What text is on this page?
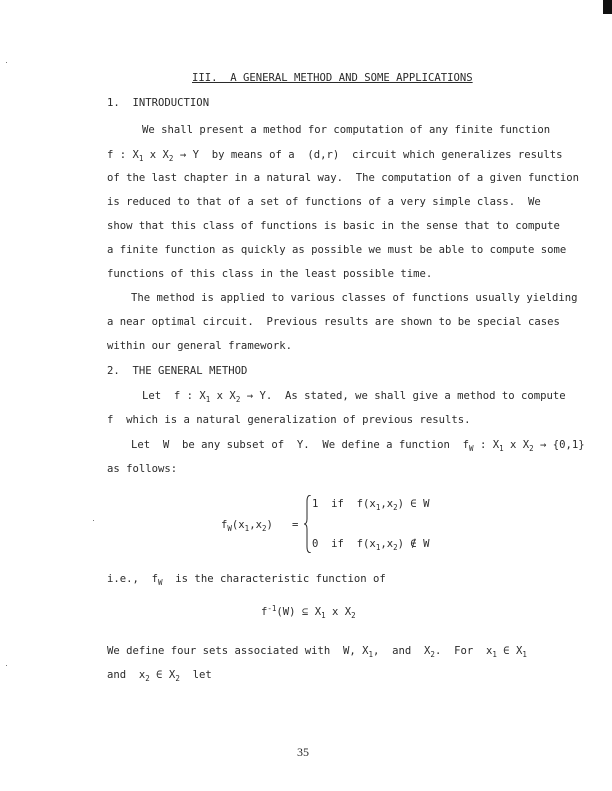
III.  A GENERAL METHOD AND SOME APPLICATIONS
1. INTRODUCTION
We shall present a method for computation of any finite function
f : $X_1$ x $X_2 \to Y$  by means of a  (d,r)  circuit which generalizes results
of the last chapter in a natural way.  The computation of a given function
is reduced to that of a set of functions of a very simple class.  We
show that this class of functions is basic in the sense that to compute
a finite function as quickly as possible we must be able to compute some
functions of this class in the least possible time.
The method is applied to various classes of functions usually yielding
a near optimal circuit.  Previous results are shown to be special cases
within our general framework.
2. THE GENERAL METHOD
Let  f : $X_1$ x $X_2 \to Y$.  As stated, we shall give a method to compute
f  which is a natural generalization of previous results.
Let  W  be any subset of  Y.  We define a function  $f_W$ : $X_1$ x $X_2 \to \{0,1\}$
as follows:
$f_W(x_1,x_2)$ =
1 if  $f(x_1,x_2)$ ∈ W
0 if  $f(x_1,x_2)$ ∉ W
i.e.,  $f_W$  is the characteristic function of
$f^{-1}(W)$ ⊆ $X_1$ x $X_2$
We define four sets associated with  W, $X_1$,  and  $X_2$.  For  $x_1$ ∈ $X_1$
and  $x_2$ ∈ $X_2$  let
35
